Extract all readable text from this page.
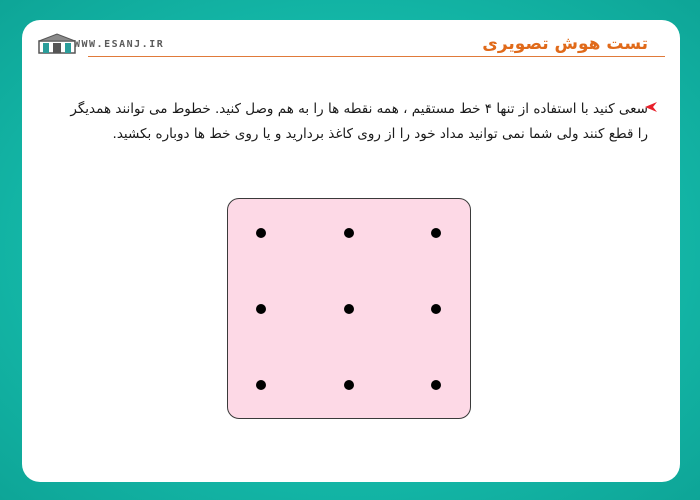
WWW.ESANJ.IR	تست هوش تصویری
سعی کنید با استفاده از تنها ۴ خط مستقیم ، همه نقطه ها را به هم وصل کنید. خطوط می توانند همدیگر را قطع کنند ولی شما نمی توانید مداد خود را از روی کاغذ بردارید و یا روی خط ها دوباره بکشید.
